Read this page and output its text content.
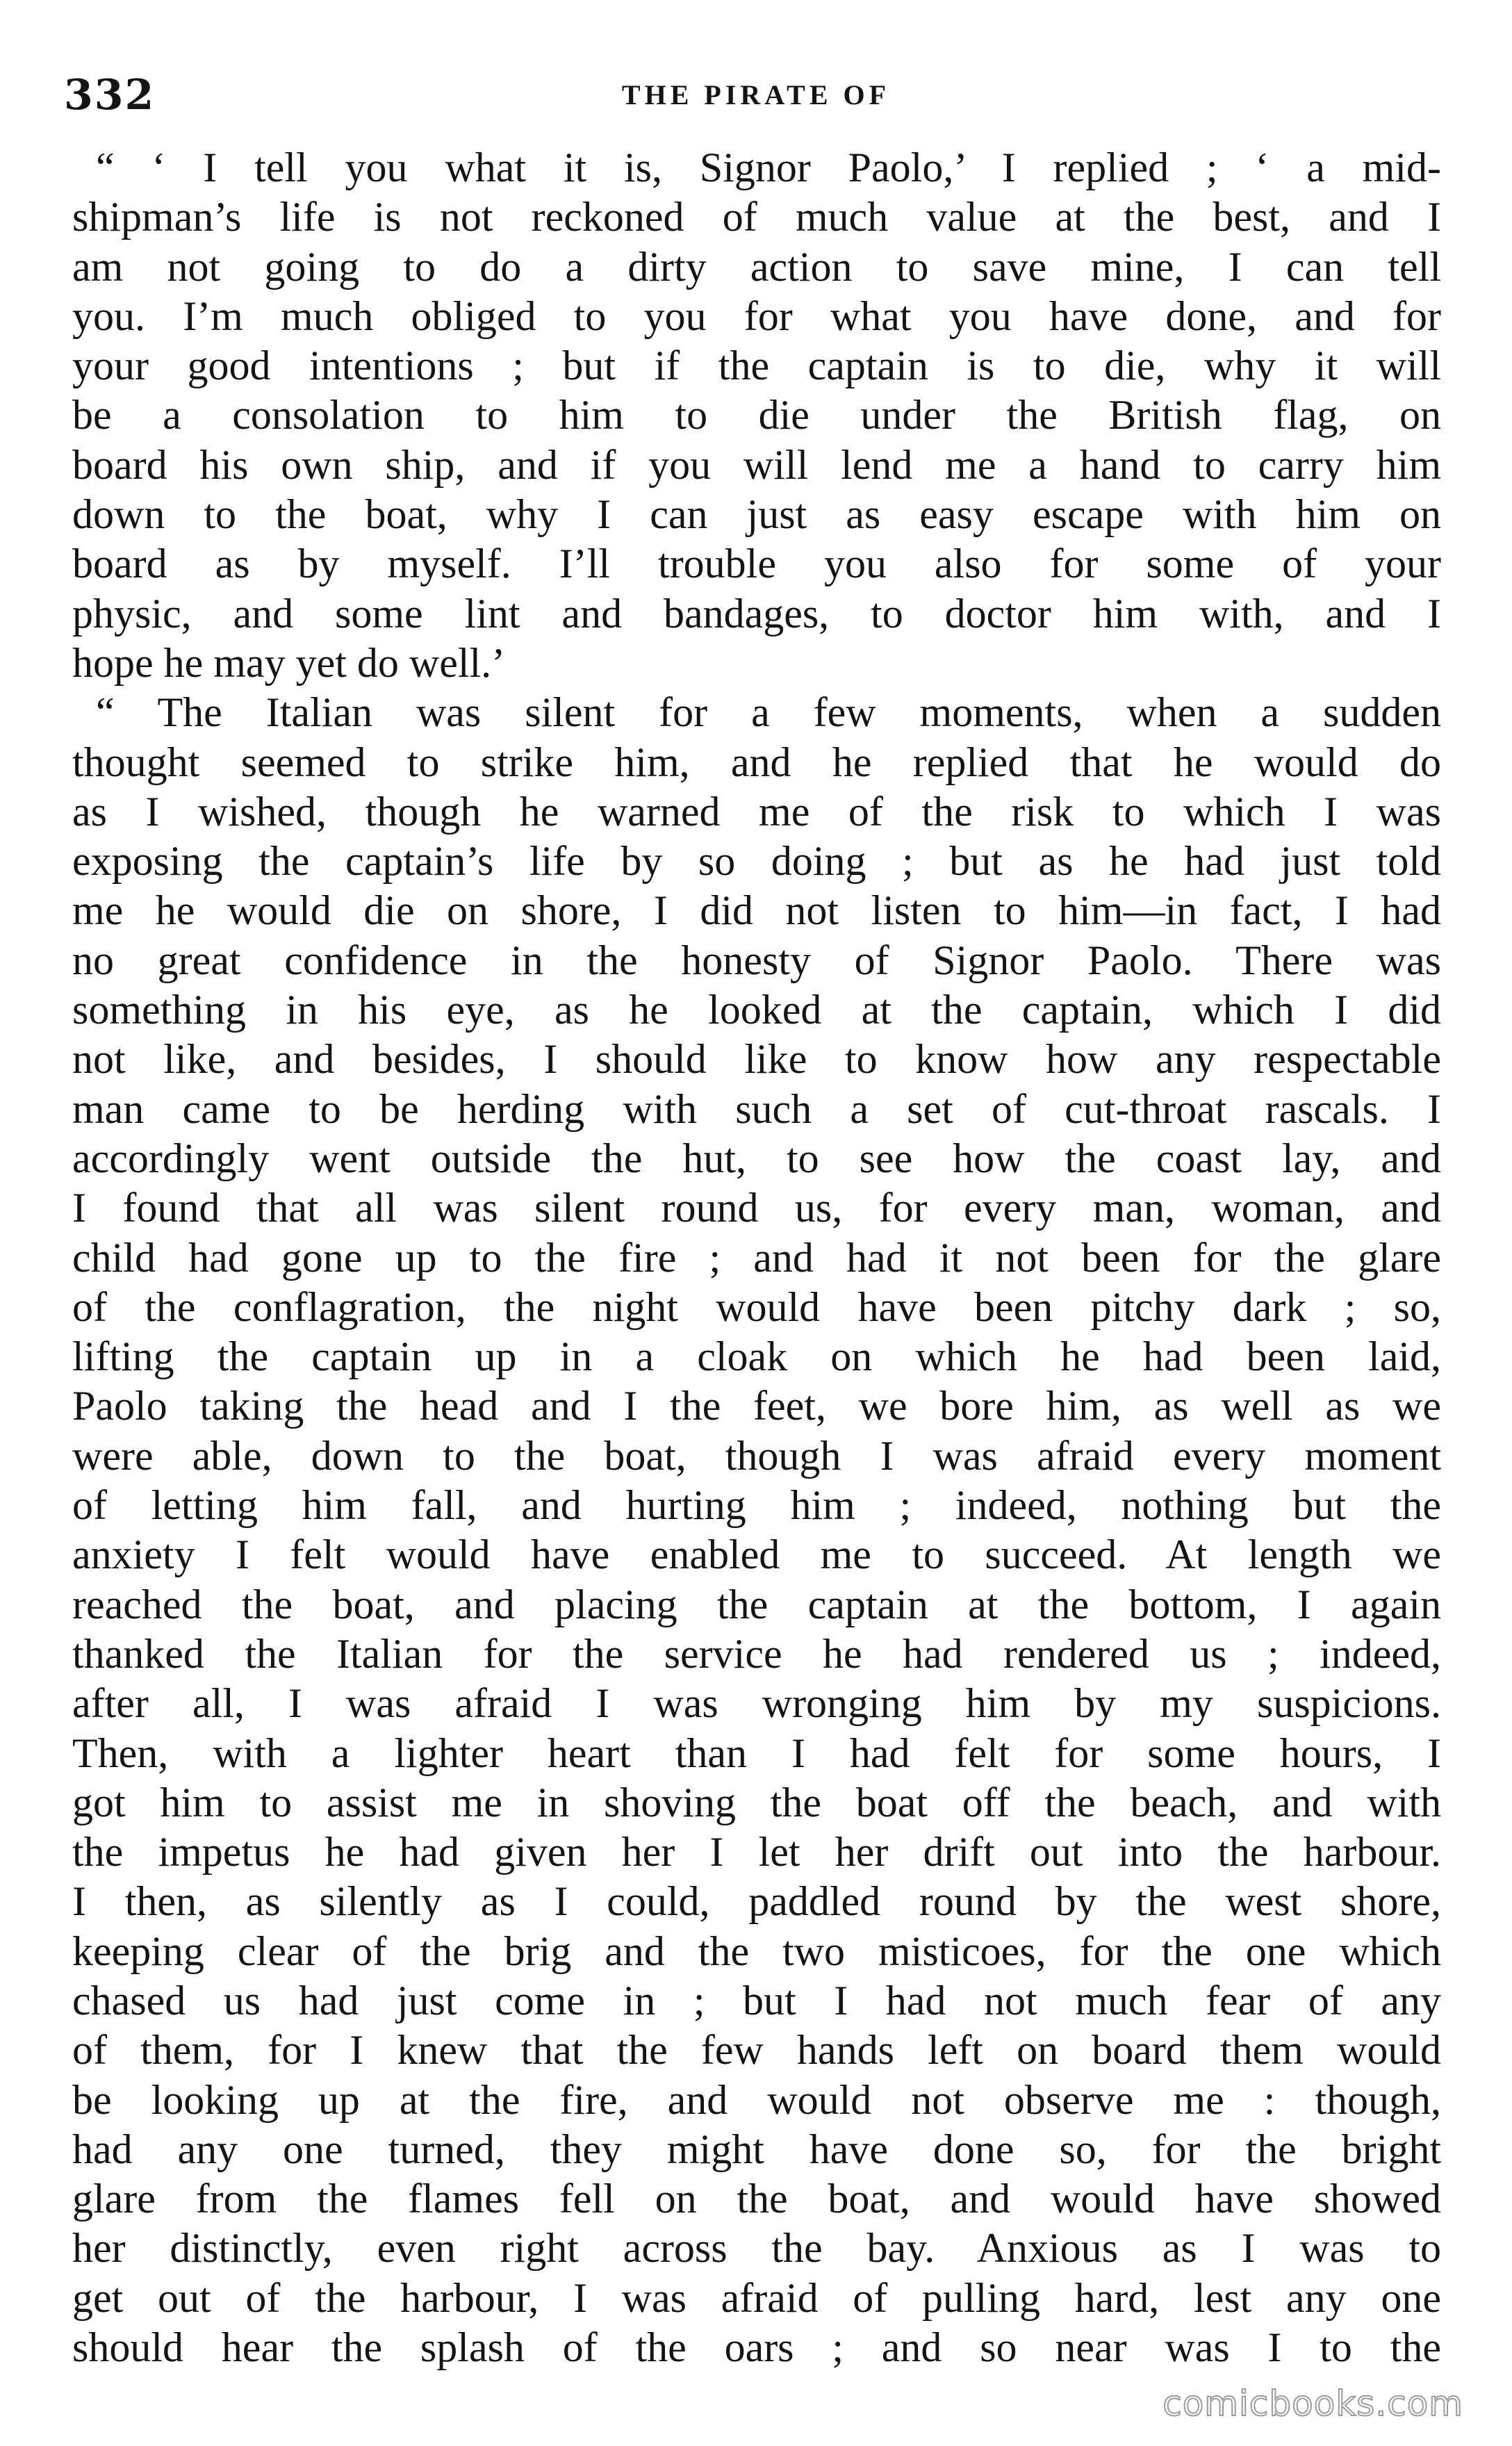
332	THE PIRATE OF
“ ‘ I tell you what it is, Signor Paolo,’ I replied ; ‘ a mid-
shipman’s life is not reckoned of much value at the best, and I
am not going to do a dirty action to save mine, I can tell
you. I’m much obliged to you for what you have done, and for
your good intentions ; but if the captain is to die, why it will
be a consolation to him to die under the British flag, on
board his own ship, and if you will lend me a hand to carry him
down to the boat, why I can just as easy escape with him on
board as by myself. I’ll trouble you also for some of your
physic, and some lint and bandages, to doctor him with, and I
hope he may yet do well.’
“ The Italian was silent for a few moments, when a sudden
thought seemed to strike him, and he replied that he would do
as I wished, though he warned me of the risk to which I was
exposing the captain’s life by so doing ; but as he had just told
me he would die on shore, I did not listen to him—in fact, I had
no great confidence in the honesty of Signor Paolo. There was
something in his eye, as he looked at the captain, which I did
not like, and besides, I should like to know how any respectable
man came to be herding with such a set of cut-throat rascals. I
accordingly went outside the hut, to see how the coast lay, and
I found that all was silent round us, for every man, woman, and
child had gone up to the fire ; and had it not been for the glare
of the conflagration, the night would have been pitchy dark ; so,
lifting the captain up in a cloak on which he had been laid,
Paolo taking the head and I the feet, we bore him, as well as we
were able, down to the boat, though I was afraid every moment
of letting him fall, and hurting him ; indeed, nothing but the
anxiety I felt would have enabled me to succeed. At length we
reached the boat, and placing the captain at the bottom, I again
thanked the Italian for the service he had rendered us ; indeed,
after all, I was afraid I was wronging him by my suspicions.
Then, with a lighter heart than I had felt for some hours, I
got him to assist me in shoving the boat off the beach, and with
the impetus he had given her I let her drift out into the harbour.
I then, as silently as I could, paddled round by the west shore,
keeping clear of the brig and the two misticoes, for the one which
chased us had just come in ; but I had not much fear of any
of them, for I knew that the few hands left on board them would
be looking up at the fire, and would not observe me : though,
had any one turned, they might have done so, for the bright
glare from the flames fell on the boat, and would have showed
her distinctly, even right across the bay. Anxious as I was to
get out of the harbour, I was afraid of pulling hard, lest any one
should hear the splash of the oars ; and so near was I to the
comicbooks.com
